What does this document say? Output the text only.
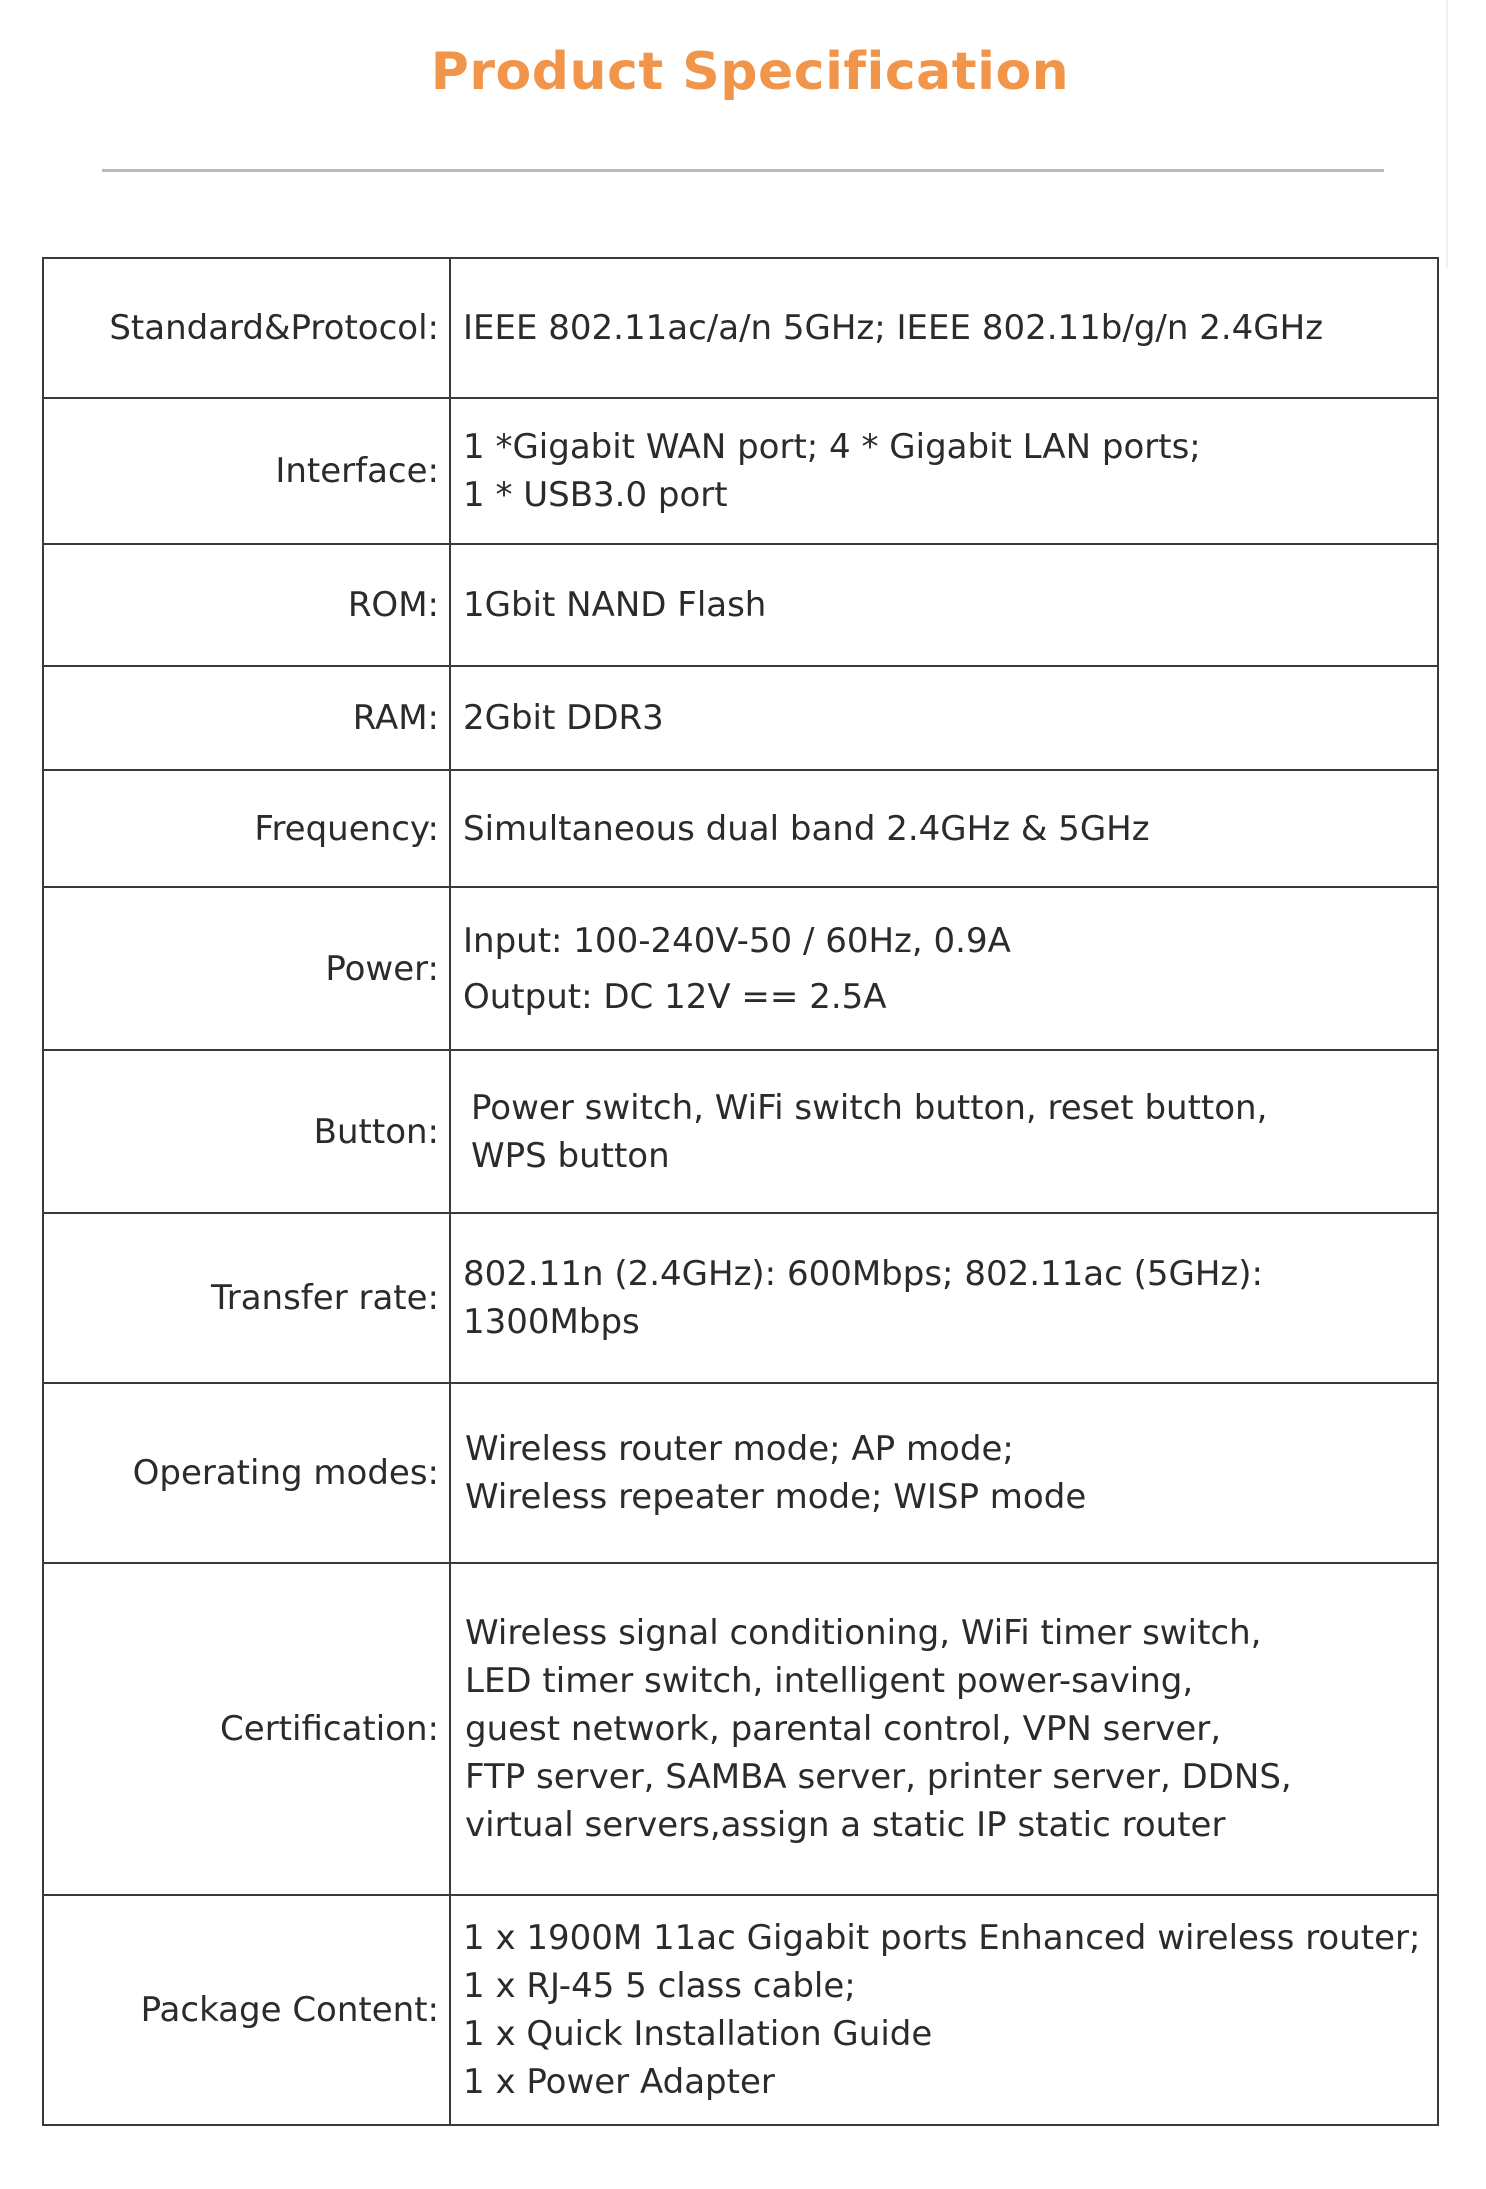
Product Specification
Standard&Protocol:	IEEE 802.11ac/a/n 5GHz; IEEE 802.11b/g/n 2.4GHz

Interface:	1 *Gigabit WAN port; 4 * Gigabit LAN ports;
1 * USB3.0 port

ROM:	1Gbit NAND Flash

RAM:	2Gbit DDR3

Frequency:	Simultaneous dual band 2.4GHz & 5GHz

Power:	Input: 100-240V-50 / 60Hz, 0.9A
Output: DC 12V == 2.5A

Button:	Power switch, WiFi switch button, reset button,
WPS button

Transfer rate:	802.11n (2.4GHz): 600Mbps; 802.11ac (5GHz):
1300Mbps

Operating modes:	Wireless router mode; AP mode;
Wireless repeater mode; WISP mode

Certification:	Wireless signal conditioning, WiFi timer switch,
LED timer switch, intelligent power-saving,
guest network, parental control, VPN server,
FTP server, SAMBA server, printer server, DDNS,
virtual servers,assign a static IP static router

Package Content:	1 x 1900M 11ac Gigabit ports Enhanced wireless router;
1 x RJ-45 5 class cable;
1 x Quick Installation Guide
1 x Power Adapter
